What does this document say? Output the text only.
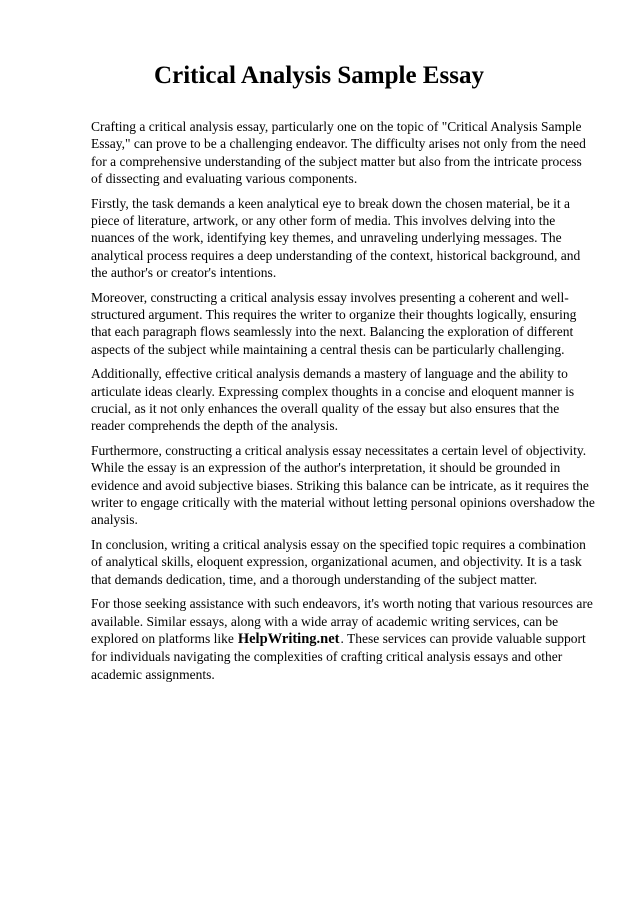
Critical Analysis Sample Essay

Crafting a critical analysis essay, particularly one on the topic of "Critical Analysis Sample Essay," can prove to be a challenging endeavor. The difficulty arises not only from the need for a comprehensive understanding of the subject matter but also from the intricate process of dissecting and evaluating various components.

Firstly, the task demands a keen analytical eye to break down the chosen material, be it a piece of literature, artwork, or any other form of media. This involves delving into the nuances of the work, identifying key themes, and unraveling underlying messages. The analytical process requires a deep understanding of the context, historical background, and the author's or creator's intentions.

Moreover, constructing a critical analysis essay involves presenting a coherent and well-structured argument. This requires the writer to organize their thoughts logically, ensuring that each paragraph flows seamlessly into the next. Balancing the exploration of different aspects of the subject while maintaining a central thesis can be particularly challenging.

Additionally, effective critical analysis demands a mastery of language and the ability to articulate ideas clearly. Expressing complex thoughts in a concise and eloquent manner is crucial, as it not only enhances the overall quality of the essay but also ensures that the reader comprehends the depth of the analysis.

Furthermore, constructing a critical analysis essay necessitates a certain level of objectivity. While the essay is an expression of the author's interpretation, it should be grounded in evidence and avoid subjective biases. Striking this balance can be intricate, as it requires the writer to engage critically with the material without letting personal opinions overshadow the analysis.

In conclusion, writing a critical analysis essay on the specified topic requires a combination of analytical skills, eloquent expression, organizational acumen, and objectivity. It is a task that demands dedication, time, and a thorough understanding of the subject matter.

For those seeking assistance with such endeavors, it's worth noting that various resources are available. Similar essays, along with a wide array of academic writing services, can be explored on platforms like HelpWriting.net. These services can provide valuable support for individuals navigating the complexities of crafting critical analysis essays and other academic assignments.
